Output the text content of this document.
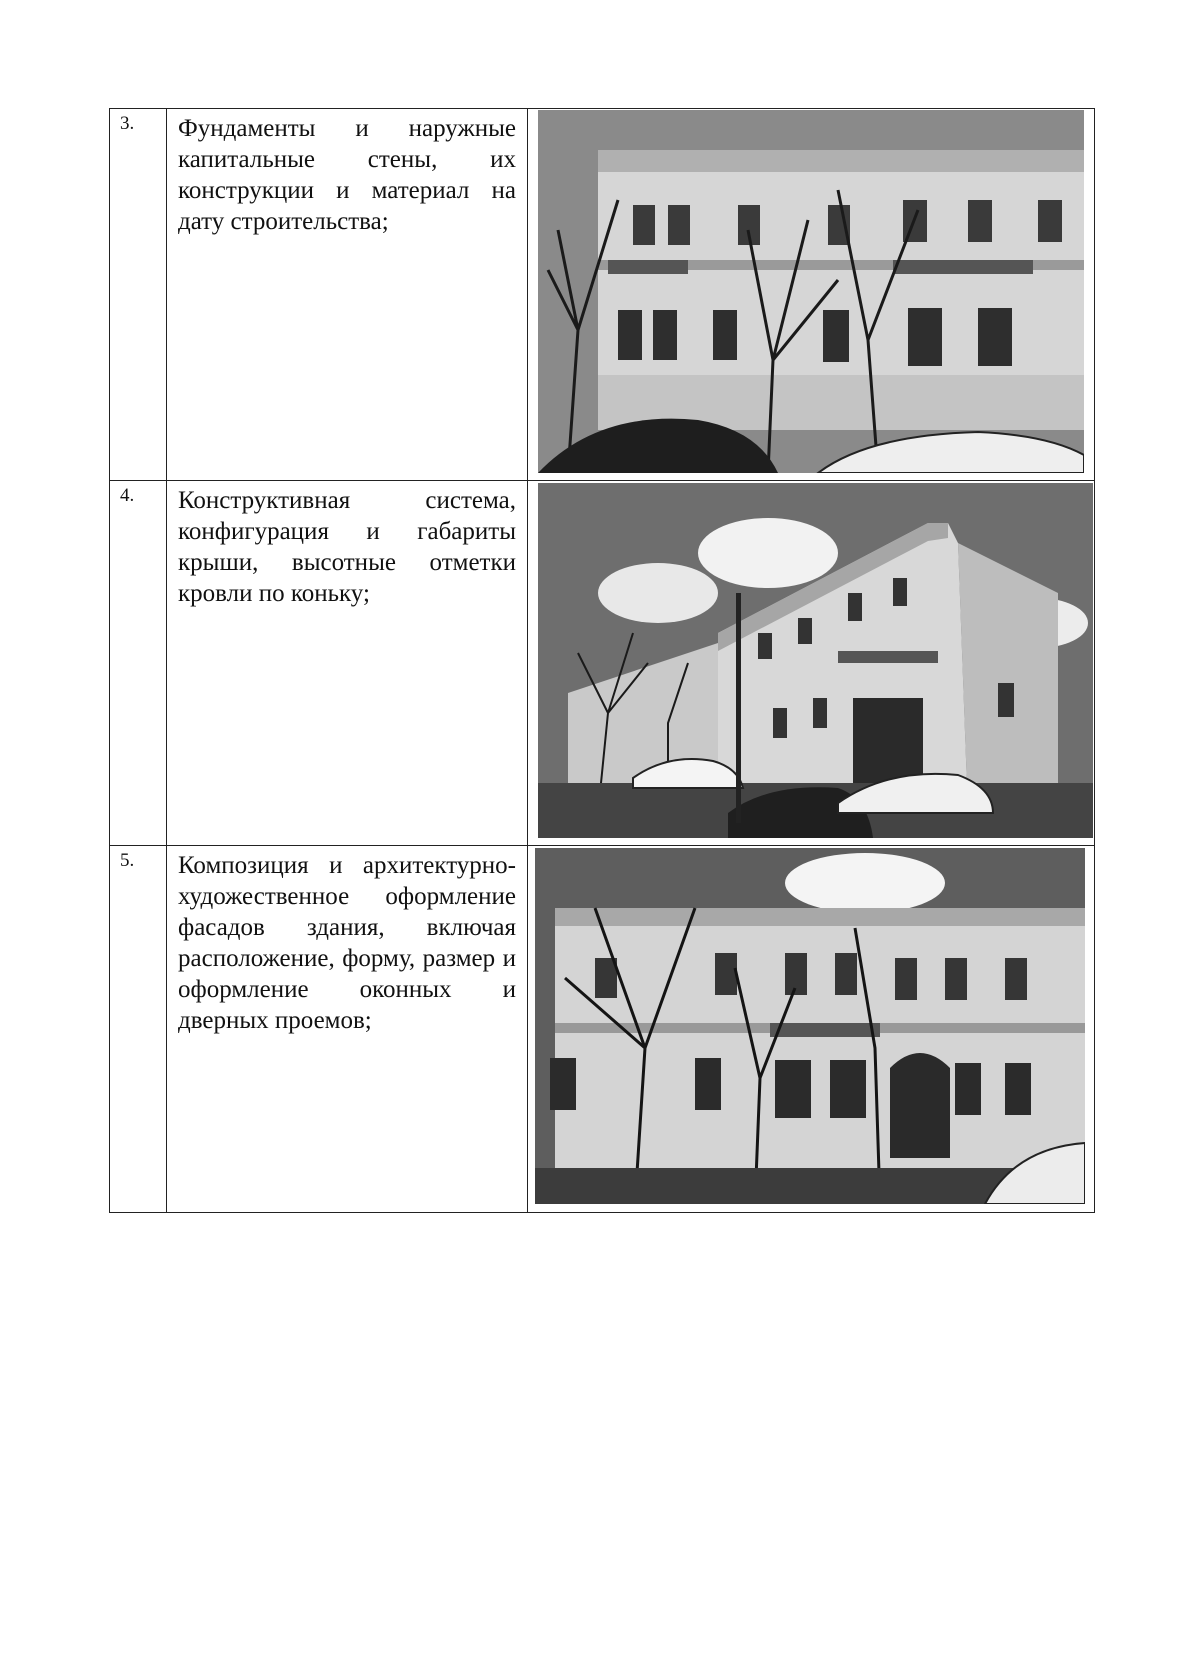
3.	Фундаменты и наружные капитальные стены, их конструкции и материал на дату строительства;

4.	Конструктивная система, конфигурация и габариты крыши, высотные отметки кровли по коньку;

5.	Композиция и архитектурно-художественное оформление фасадов здания, включая расположение, форму, размер и оформление оконных и дверных проемов;
